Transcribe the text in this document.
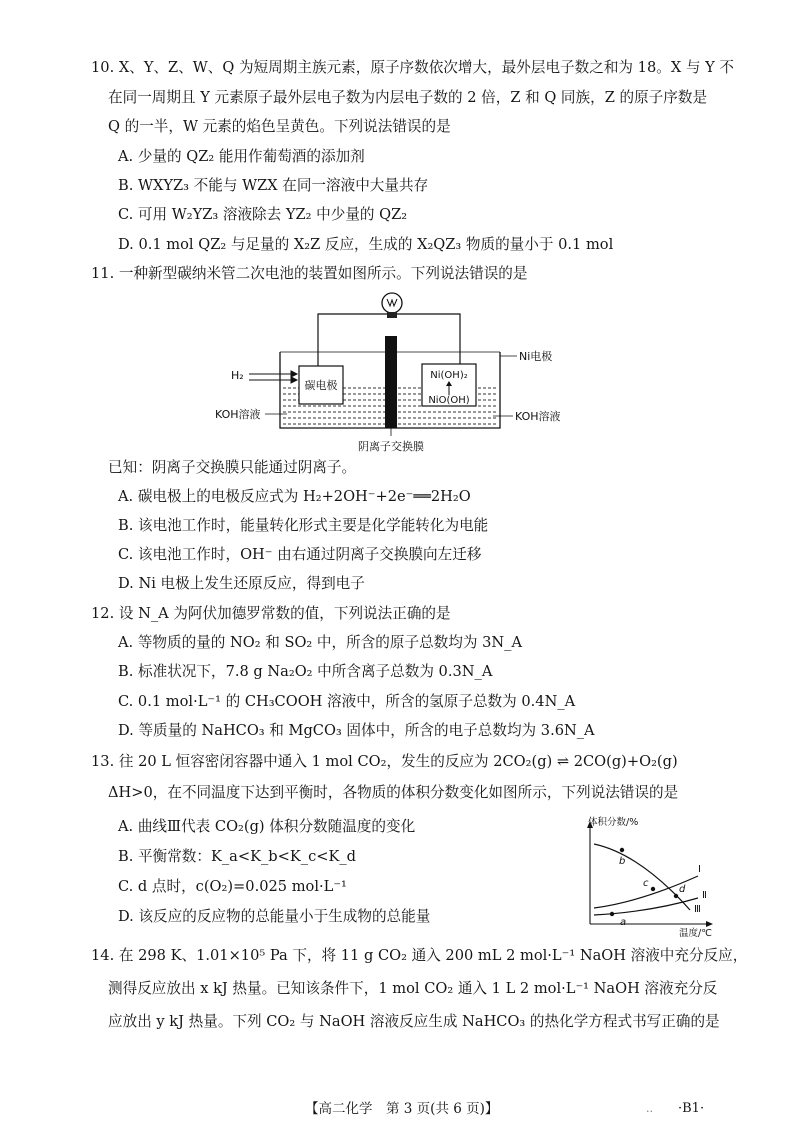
10. X、Y、Z、W、Q 为短周期主族元素，原子序数依次增大，最外层电子数之和为 18。X 与 Y 不
在同一周期且 Y 元素原子最外层电子数为内层电子数的 2 倍，Z 和 Q 同族，Z 的原子序数是
Q 的一半，W 元素的焰色呈黄色。下列说法错误的是
A. 少量的 QZ₂ 能用作葡萄酒的添加剂
B. WXYZ₃ 不能与 WZX 在同一溶液中大量共存
C. 可用 W₂YZ₃ 溶液除去 YZ₂ 中少量的 QZ₂
D. 0.1 mol QZ₂ 与足量的 X₂Z 反应，生成的 X₂QZ₃ 物质的量小于 0.1 mol
11. 一种新型碳纳米管二次电池的装置如图所示。下列说法错误的是
碳电极
Ni(OH)₂
NiO(OH)
H₂
Ni电极
KOH溶液	KOH溶液
阴离子交换膜
已知：阴离子交换膜只能通过阴离子。
A. 碳电极上的电极反应式为 H₂+2OH⁻+2e⁻══2H₂O
B. 该电池工作时，能量转化形式主要是化学能转化为电能
C. 该电池工作时，OH⁻ 由右通过阴离子交换膜向左迁移
D. Ni 电极上发生还原反应，得到电子
12. 设 N_A 为阿伏加德罗常数的值，下列说法正确的是
A. 等物质的量的 NO₂ 和 SO₂ 中，所含的原子总数均为 3N_A
B. 标准状况下，7.8 g Na₂O₂ 中所含离子总数为 0.3N_A
C. 0.1 mol·L⁻¹ 的 CH₃COOH 溶液中，所含的氢原子总数为 0.4N_A
D. 等质量的 NaHCO₃ 和 MgCO₃ 固体中，所含的电子总数均为 3.6N_A
13. 往 20 L 恒容密闭容器中通入 1 mol CO₂，发生的反应为 2CO₂(g) ⇌ 2CO(g)+O₂(g)
ΔH>0，在不同温度下达到平衡时，各物质的体积分数变化如图所示，下列说法错误的是
A. 曲线Ⅲ代表 CO₂(g) 体积分数随温度的变化
B. 平衡常数：K_a<K_b<K_c<K_d
C. d 点时，c(O₂)=0.025 mol·L⁻¹
D. 该反应的反应物的总能量小于生成物的总能量
体积分数/%
温度/℃
Ⅰ
Ⅱ
Ⅲ
b
c
d
a
14. 在 298 K、1.01×10⁵ Pa 下，将 11 g CO₂ 通入 200 mL 2 mol·L⁻¹ NaOH 溶液中充分反应，
测得反应放出 x kJ 热量。已知该条件下，1 mol CO₂ 通入 1 L 2 mol·L⁻¹ NaOH 溶液充分反
应放出 y kJ 热量。下列 CO₂ 与 NaOH 溶液反应生成 NaHCO₃ 的热化学方程式书写正确的是
【高二化学　第 3 页(共 6 页)】	.. ·B1·
